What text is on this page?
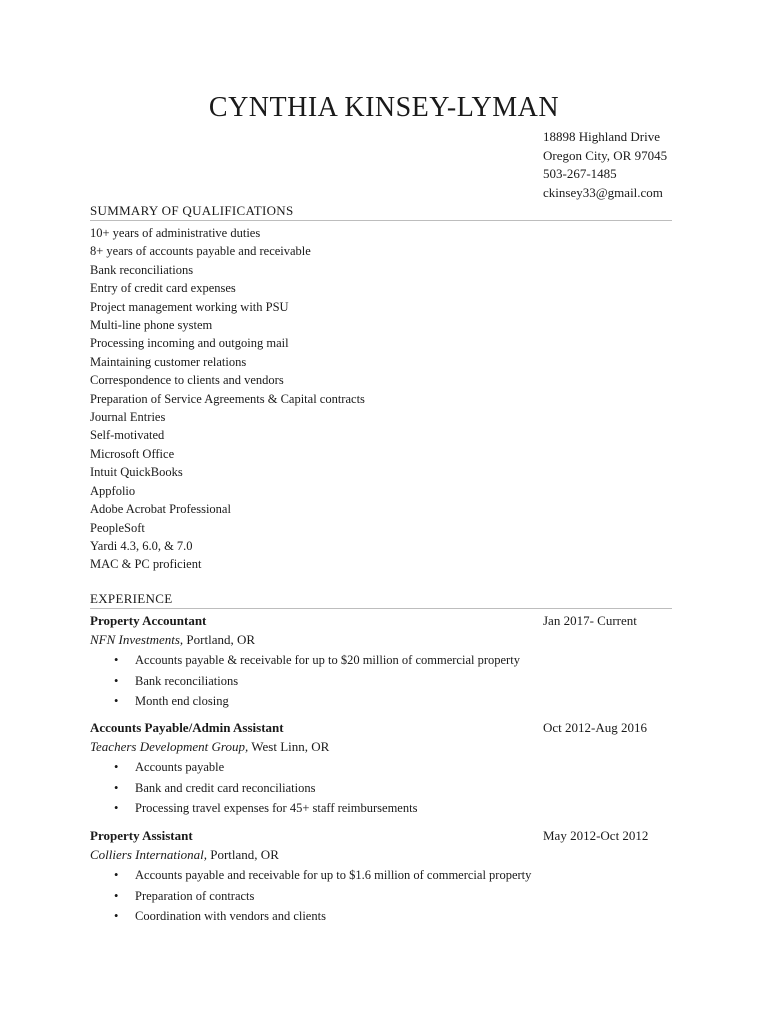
CYNTHIA KINSEY-LYMAN
18898 Highland Drive
Oregon City, OR 97045
503-267-1485
ckinsey33@gmail.com
SUMMARY OF QUALIFICATIONS
10+ years of administrative duties
8+ years of accounts payable and receivable
Bank reconciliations
Entry of credit card expenses
Project management working with PSU
Multi-line phone system
Processing incoming and outgoing mail
Maintaining customer relations
Correspondence to clients and vendors
Preparation of Service Agreements & Capital contracts
Journal Entries
Self-motivated
Microsoft Office
Intuit QuickBooks
Appfolio
Adobe Acrobat Professional
PeopleSoft
Yardi 4.3, 6.0, & 7.0
MAC & PC proficient
EXPERIENCE
Property Accountant	Jan 2017- Current
NFN Investments, Portland, OR
• Accounts payable & receivable for up to $20 million of commercial property
• Bank reconciliations
• Month end closing
Accounts Payable/Admin Assistant	Oct 2012-Aug 2016
Teachers Development Group, West Linn, OR
• Accounts payable
• Bank and credit card reconciliations
• Processing travel expenses for 45+ staff reimbursements
Property Assistant	May 2012-Oct 2012
Colliers International, Portland, OR
• Accounts payable and receivable for up to $1.6 million of commercial property
• Preparation of contracts
• Coordination with vendors and clients
